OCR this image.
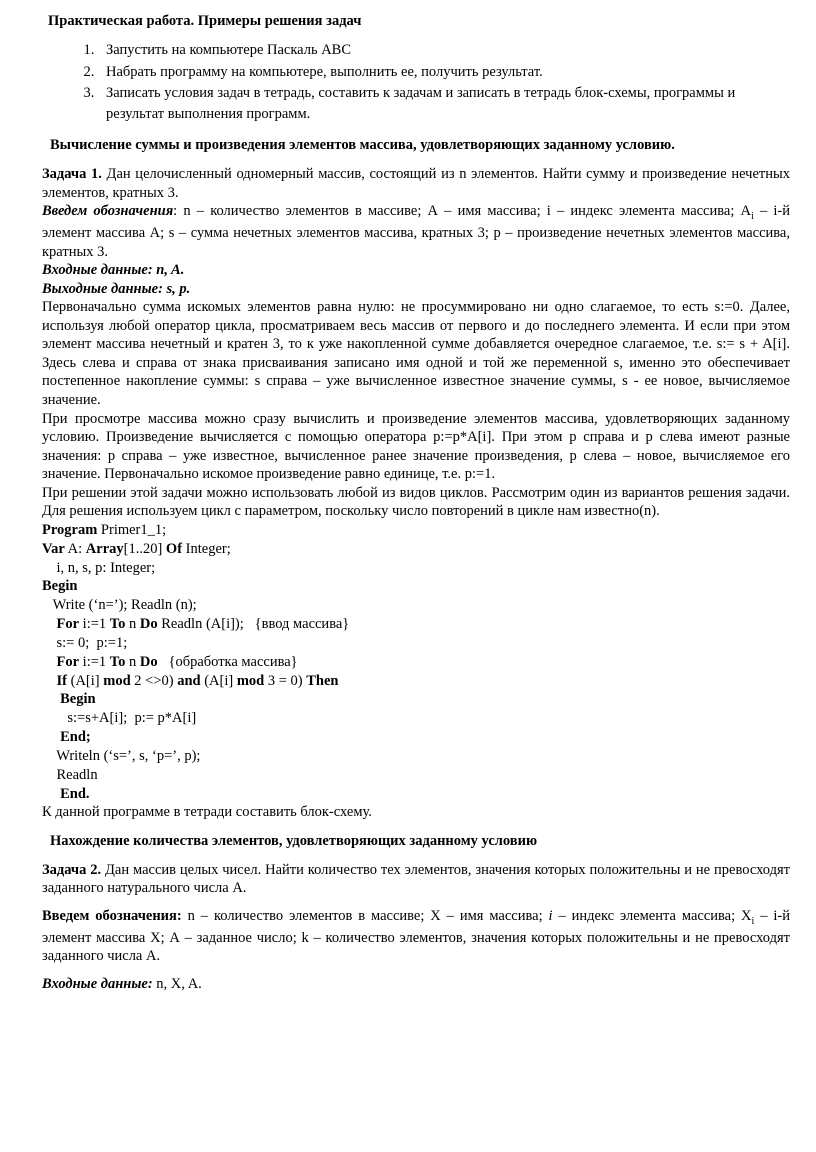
Практическая работа. Примеры решения задач
1. Запустить на компьютере Паскаль АВС
2. Набрать программу на компьютере, выполнить ее, получить результат.
3. Записать условия задач в тетрадь, составить к задачам и записать в тетрадь блок-схемы, программы и результат выполнения программ.
Вычисление суммы и произведения элементов массива, удовлетворяющих заданному условию.

Задача 1. Дан целочисленный одномерный массив, состоящий из n элементов. Найти сумму и произведение нечетных элементов, кратных 3.

Введем обозначения: n – количество элементов в массиве; А – имя массива; i – индекс элемента массива; $А_i - i-й$ элемент массива А; s – сумма нечетных элементов массива, кратных 3; р – произведение нечетных элементов массива, кратных 3.

Входные данные: n, A.

Выходные данные: s, p.

Первоначально сумма искомых элементов равна нулю: не просуммировано ни одно слагаемое, то есть s:=0. Далее, используя любой оператор цикла, просматриваем весь массив от первого и до последнего элемента. И если при этом элемент массива нечетный и кратен 3, то к уже накопленной сумме добавляется очередное слагаемое, т.е. s:= s + A[i]. Здесь слева и справа от знака присваивания записано имя одной и той же переменной s, именно это обеспечивает постепенное накопление суммы: s справа – уже вычисленное известное значение суммы, s - ее новое, вычисляемое значение.

При просмотре массива можно сразу вычислить и произведение элементов массива, удовлетворяющих заданному условию. Произведение вычисляется с помощью оператора p:=p*A[i]. При этом р справа и р слева имеют разные значения: р справа – уже известное, вычисленное ранее значение произведения, р слева – новое, вычисляемое его значение. Первоначально искомое произведение равно единице, т.е. р:=1.

При решении этой задачи можно использовать любой из видов циклов. Рассмотрим один из вариантов решения задачи. Для решения используем цикл с параметром, поскольку число повторений в цикле нам известно(n).

Program Primer1_1;
Var A: Array[1..20] Of Integer;
i, n, s, p: Integer;
Begin
Write (‘n=’); Readln (n);
For i:=1 To n Do Readln (A[i]);   {ввод массива}
s:= 0;  p:=1;
For i:=1 To n Do   {обработка массива}
If (A[i] mod 2 <>0) and (A[i] mod 3 = 0) Then
Begin
s:=s+A[i];  p:= p*A[i]
End;
Writeln (‘s=’, s, ‘p=’, p);
Readln
End.

К данной программе в тетради составить блок-схему.

Нахождение количества элементов, удовлетворяющих заданному условию

Задача 2. Дан массив целых чисел. Найти количество тех элементов, значения которых положительны и не превосходят заданного натурального числа А.

Введем обозначения: n – количество элементов в массиве; Х – имя массива; i – индекс элемента массива; $Х_i - i-й$ элемент массива Х; А – заданное число; k – количество элементов, значения которых положительны и не превосходят заданного числа А.

Входные данные: n, X, A.
